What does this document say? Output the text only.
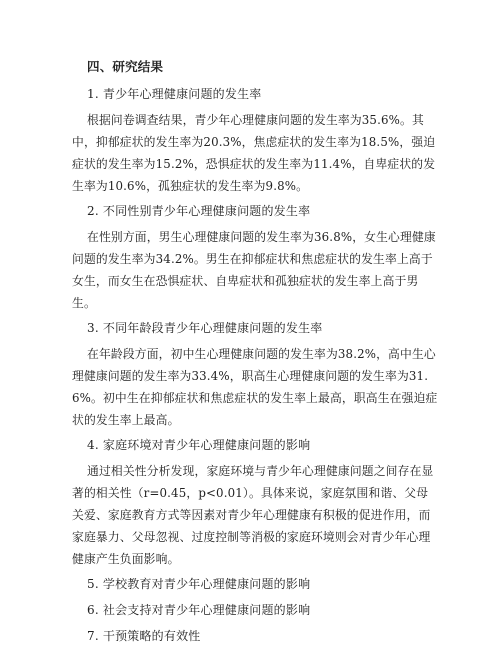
四、研究结果
1. 青少年心理健康问题的发生率

根据问卷调查结果，青少年心理健康问题的发生率为35.6%。其中，抑郁症状的发生率为20.3%，焦虑症状的发生率为18.5%，强迫症状的发生率为15.2%，恐惧症状的发生率为11.4%，自卑症状的发生率为10.6%，孤独症状的发生率为9.8%。

2. 不同性别青少年心理健康问题的发生率

在性别方面，男生心理健康问题的发生率为36.8%，女生心理健康问题的发生率为34.2%。男生在抑郁症状和焦虑症状的发生率上高于女生，而女生在恐惧症状、自卑症状和孤独症状的发生率上高于男生。

3. 不同年龄段青少年心理健康问题的发生率

在年龄段方面，初中生心理健康问题的发生率为38.2%，高中生心理健康问题的发生率为33.4%，职高生心理健康问题的发生率为31.6%。初中生在抑郁症状和焦虑症状的发生率上最高，职高生在强迫症状的发生率上最高。

4. 家庭环境对青少年心理健康问题的影响

通过相关性分析发现，家庭环境与青少年心理健康问题之间存在显著的相关性（r=0.45，p<0.01）。具体来说，家庭氛围和谐、父母关爱、家庭教育方式等因素对青少年心理健康有积极的促进作用，而家庭暴力、父母忽视、过度控制等消极的家庭环境则会对青少年心理健康产生负面影响。

5. 学校教育对青少年心理健康问题的影响
6. 社会支持对青少年心理健康问题的影响
7. 干预策略的有效性
